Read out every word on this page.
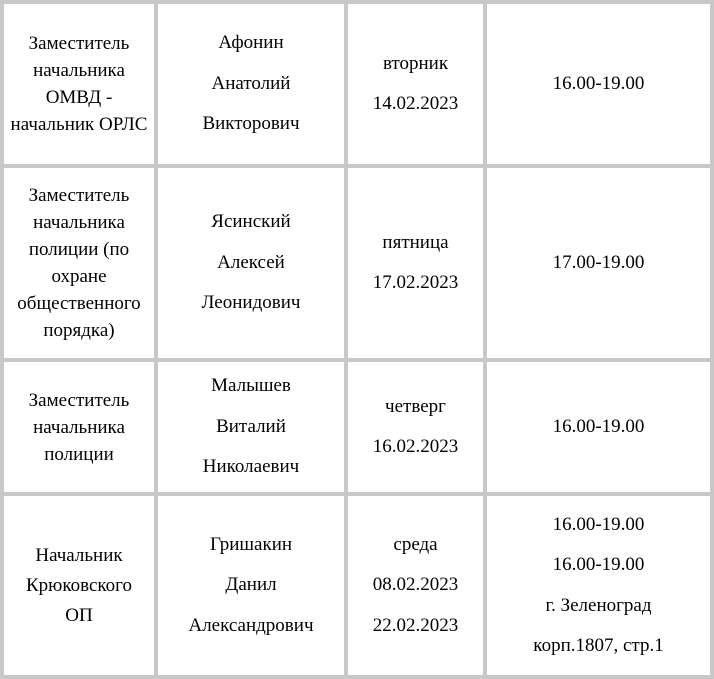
Заместитель начальника ОМВД - начальник ОРЛС
Афонин
Анатолий
Викторович
вторник
14.02.2023
16.00-19.00
Заместитель начальника полиции (по охране общественного порядка)
Ясинский
Алексей
Леонидович
пятница
17.02.2023
17.00-19.00
Заместитель начальника полиции
Малышев
Виталий
Николаевич
четверг
16.02.2023
16.00-19.00
Начальник Крюковского ОП
Гришакин
Данил
Александрович
среда
08.02.2023
22.02.2023
16.00-19.00
16.00-19.00
г. Зеленоград
корп.1807, стр.1
